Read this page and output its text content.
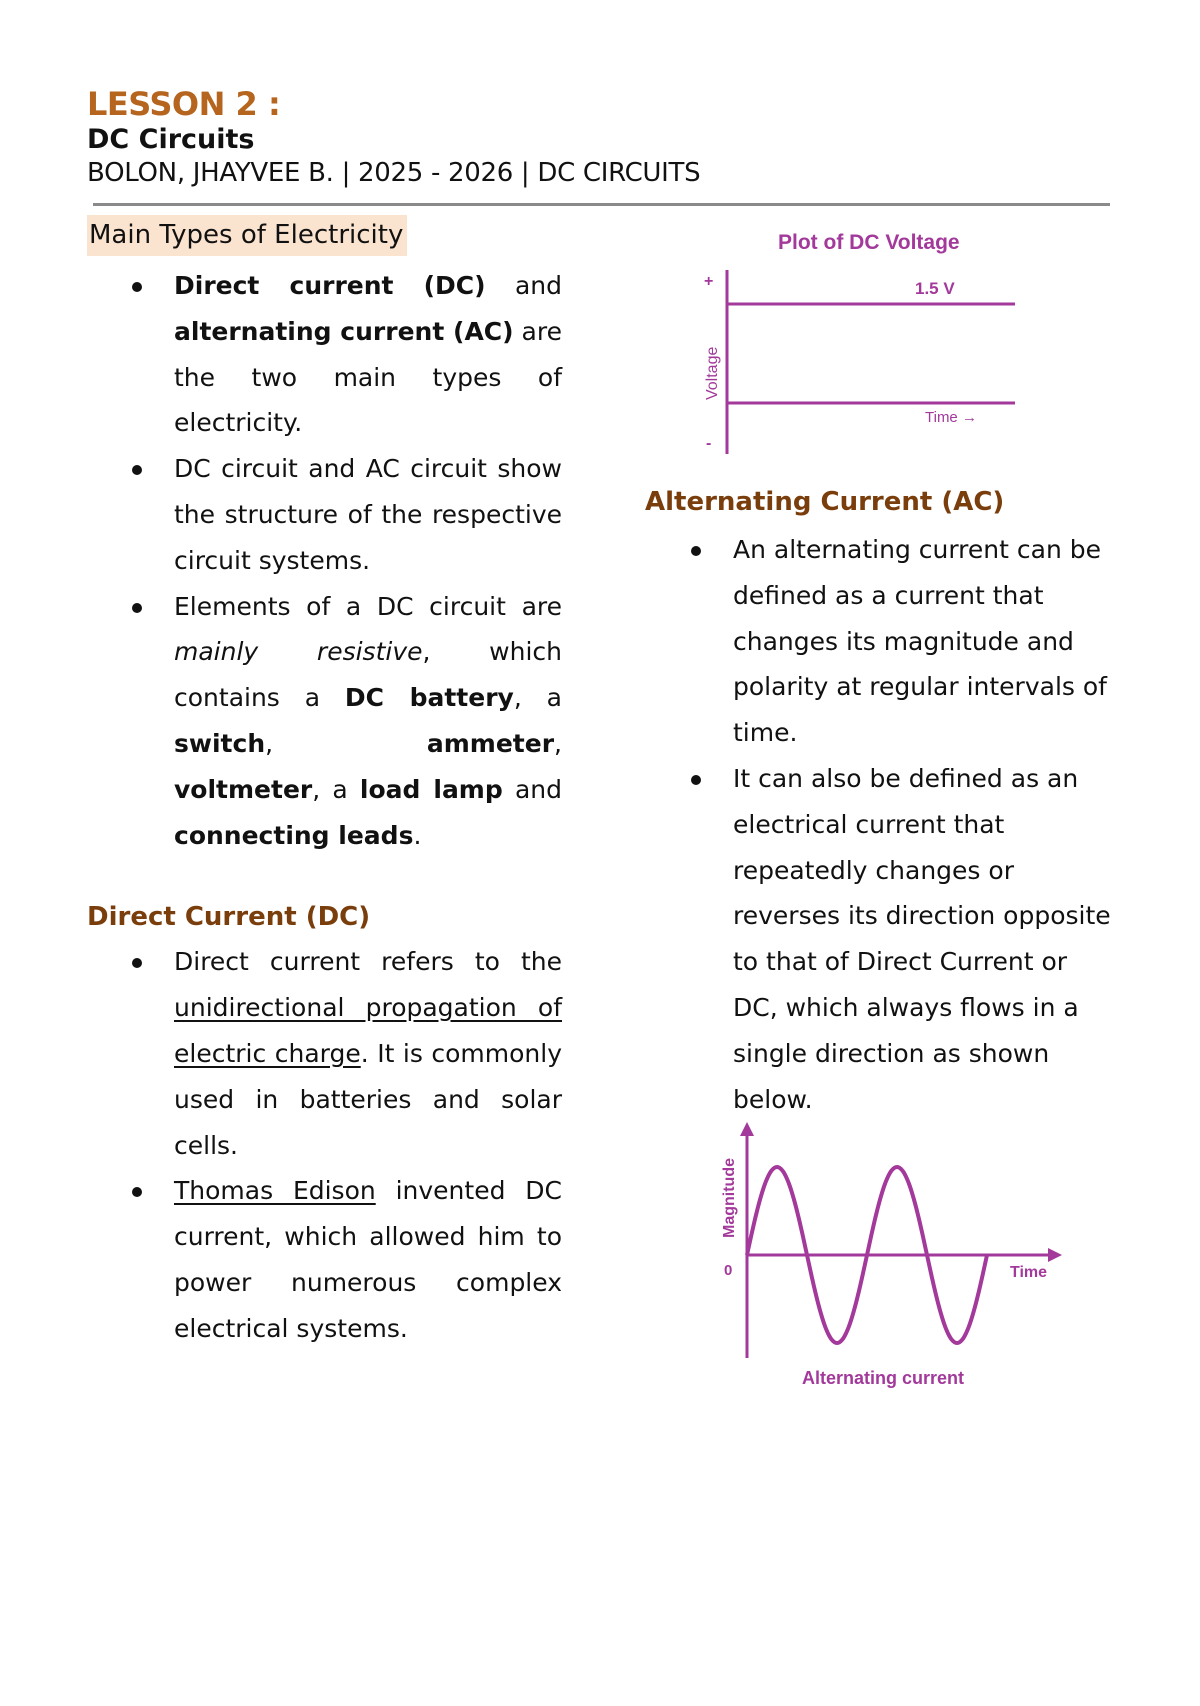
LESSON 2 :
DC Circuits
BOLON, JHAYVEE B. | 2025 - 2026 | DC CIRCUITS
Main Types of Electricity
Direct current (DC) and alternating current (AC) are the two main types of electricity.
DC circuit and AC circuit show the structure of the respective circuit systems.
Elements of a DC circuit are mainly resistive, which contains a DC battery, a switch, ammeter, voltmeter, a load lamp and connecting leads.
Direct Current (DC)
Direct current refers to the unidirectional propagation of electric charge. It is commonly used in batteries and solar cells.
Thomas Edison invented DC current, which allowed him to power numerous complex electrical systems.
Plot of DC Voltage
+
-
1.5 V
Voltage
Time →
Alternating Current (AC)
An alternating current can be defined as a current that changes its magnitude and polarity at regular intervals of time.
It can also be defined as an electrical current that repeatedly changes or reverses its direction opposite to that of Direct Current or DC, which always flows in a single direction as shown below.
Magnitude
0	Time
Alternating current
